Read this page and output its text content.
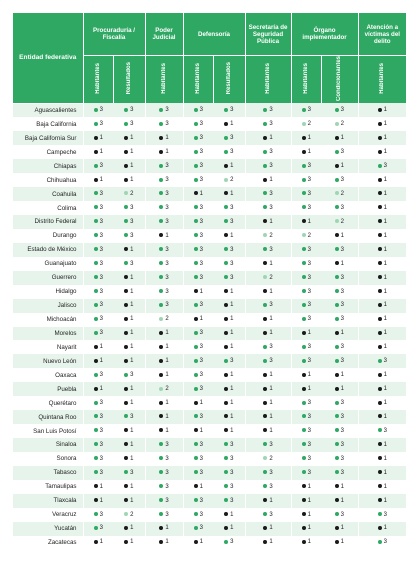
Entidad federativa	Procuraduría / Fiscalía		Poder Judicial	Defensoría		Secretaría de Seguridad Pública	Órgano implementador		Atención a víctimas del delito
	Habitantes	Resultados	Habitantes	Habitantes	Resultados	Habitantes	Habitantes	Condicionantes	Habitantes
Aguascalientes	3	3	3	3	3	3	3	3	1
Baja California	3	3	3	3	1	3	2	2	1
Baja California Sur	1	1	1	3	3	1	1	1	1
Campeche	1	1	1	3	3	3	1	3	1
Chiapas	3	1	3	3	1	3	3	1	3
Chihuahua	1	1	3	3	2	1	3	3	1
Coahuila	3	2	3	1	1	3	3	2	1
Colima	3	3	3	3	3	3	3	3	1
Distrito Federal	3	3	3	3	3	1	1	2	1
Durango	3	3	1	3	1	2	2	1	1
Estado de México	3	1	3	3	3	3	3	3	1
Guanajuato	3	3	3	3	3	1	3	1	1
Guerrero	3	1	3	3	3	2	3	3	1
Hidalgo	3	1	3	1	1	1	3	3	1
Jalisco	3	1	3	3	1	3	3	3	1
Michoacán	3	1	2	1	1	1	3	3	1
Morelos	3	1	1	3	1	1	1	1	1
Nayarit	1	1	1	3	1	3	3	3	1
Nuevo León	1	1	1	3	3	3	3	3	3
Oaxaca	3	3	1	3	1	1	1	1	1
Puebla	1	1	2	3	1	1	1	1	1
Querétaro	3	1	1	1	1	1	3	3	1
Quintana Roo	3	3	1	3	1	1	3	3	1
San Luis Potosí	3	1	1	1	1	1	3	3	3
Sinaloa	3	1	3	3	3	3	3	3	1
Sonora	3	1	3	3	3	2	3	3	1
Tabasco	3	3	3	3	3	3	3	3	1
Tamaulipas	1	1	3	1	3	3	1	1	1
Tlaxcala	1	1	3	3	3	1	1	1	1
Veracruz	3	2	3	3	1	3	1	3	3
Yucatán	3	1	1	3	1	1	1	1	1
Zacatecas	1	1	1	1	3	1	1	1	3
